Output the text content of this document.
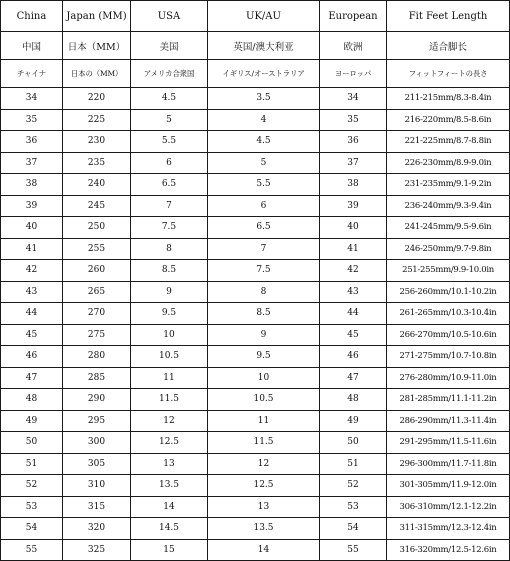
China	Japan (MM)	USA	UK/AU	European	Fit Feet Length
中国	日本（MM）	美国	英国/澳大利亚	欧洲	适合脚长
チャイナ	日本の（MM）	アメリカ合衆国	イギリス/オーストラリア	ヨーロッパ	フィットフィートの長さ
34	220	4.5	3.5	34	211-215mm/8.3-8.4in
35	225	5	4	35	216-220mm/8.5-8.6in
36	230	5.5	4.5	36	221-225mm/8.7-8.8in
37	235	6	5	37	226-230mm/8.9-9.0in
38	240	6.5	5.5	38	231-235mm/9.1-9.2in
39	245	7	6	39	236-240mm/9.3-9.4in
40	250	7.5	6.5	40	241-245mm/9.5-9.6in
41	255	8	7	41	246-250mm/9.7-9.8in
42	260	8.5	7.5	42	251-255mm/9.9-10.0in
43	265	9	8	43	256-260mm/10.1-10.2in
44	270	9.5	8.5	44	261-265mm/10.3-10.4in
45	275	10	9	45	266-270mm/10.5-10.6in
46	280	10.5	9.5	46	271-275mm/10.7-10.8in
47	285	11	10	47	276-280mm/10.9-11.0in
48	290	11.5	10.5	48	281-285mm/11.1-11.2in
49	295	12	11	49	286-290mm/11.3-11.4in
50	300	12.5	11.5	50	291-295mm/11.5-11.6in
51	305	13	12	51	296-300mm/11.7-11.8in
52	310	13.5	12.5	52	301-305mm/11.9-12.0in
53	315	14	13	53	306-310mm/12.1-12.2in
54	320	14.5	13.5	54	311-315mm/12.3-12.4in
55	325	15	14	55	316-320mm/12.5-12.6in
